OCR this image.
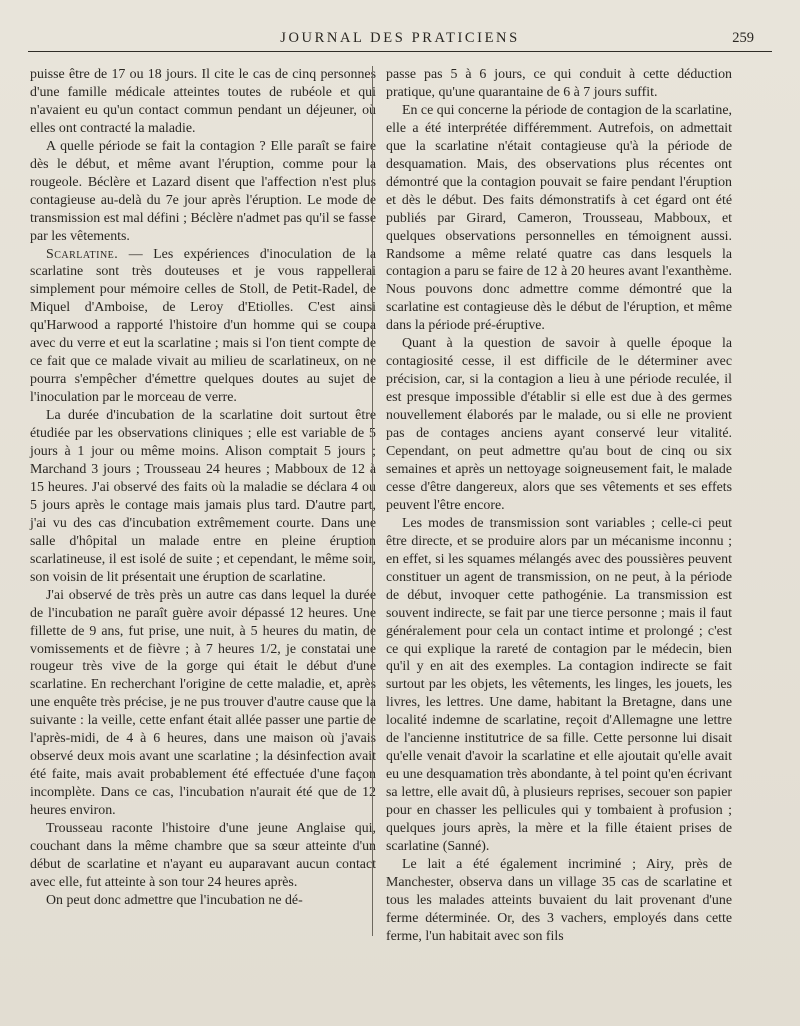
JOURNAL DES PRATICIENS	259

puisse être de 17 ou 18 jours. Il cite le cas de cinq personnes d'une famille médicale atteintes toutes de rubéole et qui n'avaient eu qu'un contact commun pendant un déjeuner, où elles ont contracté la maladie.

A quelle période se fait la contagion ? Elle paraît se faire dès le début, et même avant l'éruption, comme pour la rougeole. Béclère et Lazard disent que l'affection n'est plus contagieuse au-delà du 7e jour après l'éruption. Le mode de transmission est mal défini ; Béclère n'admet pas qu'il se fasse par les vêtements.

Scarlatine. — Les expériences d'inoculation de la scarlatine sont très douteuses et je vous rappellerai simplement pour mémoire celles de Stoll, de Petit-Radel, de Miquel d'Amboise, de Leroy d'Etiolles. C'est ainsi qu'Harwood a rapporté l'histoire d'un homme qui se coupa avec du verre et eut la scarlatine ; mais si l'on tient compte de ce fait que ce malade vivait au milieu de scarlatineux, on ne pourra s'empêcher d'émettre quelques doutes au sujet de l'inoculation par le morceau de verre.

La durée d'incubation de la scarlatine doit surtout être étudiée par les observations cliniques ; elle est variable de 5 jours à 1 jour ou même moins. Alison comptait 5 jours ; Marchand 3 jours ; Trousseau 24 heures ; Mabboux de 12 à 15 heures. J'ai observé des faits où la maladie se déclara 4 ou 5 jours après le contage mais jamais plus tard. D'autre part, j'ai vu des cas d'incubation extrêmement courte. Dans une salle d'hôpital un malade entre en pleine éruption scarlatineuse, il est isolé de suite ; et cependant, le même soir, son voisin de lit présentait une éruption de scarlatine.

J'ai observé de très près un autre cas dans lequel la durée de l'incubation ne paraît guère avoir dépassé 12 heures. Une fillette de 9 ans, fut prise, une nuit, à 5 heures du matin, de vomissements et de fièvre ; à 7 heures 1/2, je constatai une rougeur très vive de la gorge qui était le début d'une scarlatine. En recherchant l'origine de cette maladie, et, après une enquête très précise, je ne pus trouver d'autre cause que la suivante : la veille, cette enfant était allée passer une partie de l'après-midi, de 4 à 6 heures, dans une maison où j'avais observé deux mois avant une scarlatine ; la désinfection avait été faite, mais avait probablement été effectuée d'une façon incomplète. Dans ce cas, l'incubation n'aurait été que de 12 heures environ.

Trousseau raconte l'histoire d'une jeune Anglaise qui, couchant dans la même chambre que sa sœur atteinte d'un début de scarlatine et n'ayant eu auparavant aucun contact avec elle, fut atteinte à son tour 24 heures après.

On peut donc admettre que l'incubation ne dé-

passe pas 5 à 6 jours, ce qui conduit à cette déduction pratique, qu'une quarantaine de 6 à 7 jours suffit.

En ce qui concerne la période de contagion de la scarlatine, elle a été interprétée différemment. Autrefois, on admettait que la scarlatine n'était contagieuse qu'à la période de desquamation. Mais, des observations plus récentes ont démontré que la contagion pouvait se faire pendant l'éruption et dès le début. Des faits démonstratifs à cet égard ont été publiés par Girard, Cameron, Trousseau, Mabboux, et quelques observations personnelles en témoignent aussi. Randsome a même relaté quatre cas dans lesquels la contagion a paru se faire de 12 à 20 heures avant l'exanthème. Nous pouvons donc admettre comme démontré que la scarlatine est contagieuse dès le début de l'éruption, et même dans la période pré-éruptive.

Quant à la question de savoir à quelle époque la contagiosité cesse, il est difficile de le déterminer avec précision, car, si la contagion a lieu à une période reculée, il est presque impossible d'établir si elle est due à des germes nouvellement élaborés par le malade, ou si elle ne provient pas de contages anciens ayant conservé leur vitalité. Cependant, on peut admettre qu'au bout de cinq ou six semaines et après un nettoyage soigneusement fait, le malade cesse d'être dangereux, alors que ses vêtements et ses effets peuvent l'être encore.

Les modes de transmission sont variables ; celle-ci peut être directe, et se produire alors par un mécanisme inconnu ; en effet, si les squames mélangés avec des poussières peuvent constituer un agent de transmission, on ne peut, à la période de début, invoquer cette pathogénie. La transmission est souvent indirecte, se fait par une tierce personne ; mais il faut généralement pour cela un contact intime et prolongé ; c'est ce qui explique la rareté de contagion par le médecin, bien qu'il y en ait des exemples. La contagion indirecte se fait surtout par les objets, les vêtements, les linges, les jouets, les livres, les lettres. Une dame, habitant la Bretagne, dans une localité indemne de scarlatine, reçoit d'Allemagne une lettre de l'ancienne institutrice de sa fille. Cette personne lui disait qu'elle venait d'avoir la scarlatine et elle ajoutait qu'elle avait eu une desquamation très abondante, à tel point qu'en écrivant sa lettre, elle avait dû, à plusieurs reprises, secouer son papier pour en chasser les pellicules qui y tombaient à profusion ; quelques jours après, la mère et la fille étaient prises de scarlatine (Sanné).

Le lait a été également incriminé ; Airy, près de Manchester, observa dans un village 35 cas de scarlatine et tous les malades atteints buvaient du lait provenant d'une ferme déterminée. Or, des 3 vachers, employés dans cette ferme, l'un habitait avec son fils
